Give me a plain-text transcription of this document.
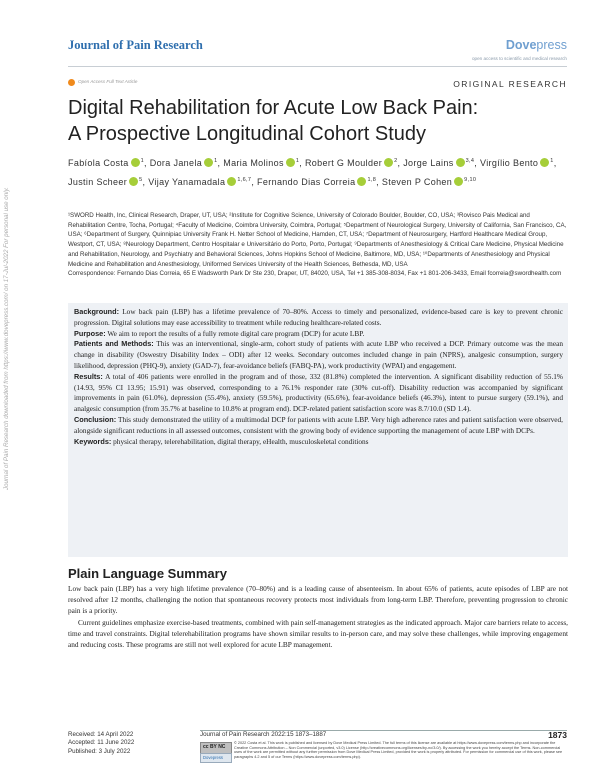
Journal of Pain Research	Dovepress
open access to scientific and medical research
Open Access Full Text Article	ORIGINAL RESEARCH
Digital Rehabilitation for Acute Low Back Pain:
A Prospective Longitudinal Cohort Study
Fabíola Costa $^1$, Dora Janela $^1$, Maria Molinos $^1$, Robert G Moulder $^2$, Jorge Lains $^{3,4}$, Virgílio Bento $^1$, Justin Scheer $^5$, Vijay Yanamadala $^{1,6,7}$, Fernando Dias Correia $^{1,8}$, Steven P Cohen $^{9,10}$
¹SWORD Health, Inc, Clinical Research, Draper, UT, USA; ²Institute for Cognitive Science, University of Colorado Boulder, Boulder, CO, USA; ³Rovisco Pais Medical and Rehabilitation Centre, Tocha, Portugal; ⁴Faculty of Medicine, Coimbra University, Coimbra, Portugal; ⁵Department of Neurological Surgery, University of California, San Francisco, CA, USA; ⁶Department of Surgery, Quinnipiac University Frank H. Netter School of Medicine, Hamden, CT, USA; ⁷Department of Neurosurgery, Hartford Healthcare Medical Group, Westport, CT, USA; ⁸Neurology Department, Centro Hospitalar e Universitário do Porto, Porto, Portugal; ⁹Departments of Anesthesiology & Critical Care Medicine, Physical Medicine and Rehabilitation, Neurology, and Psychiatry and Behavioral Sciences, Johns Hopkins School of Medicine, Baltimore, MD, USA; ¹⁰Departments of Anesthesiology and Physical Medicine and Rehabilitation and Anesthesiology, Uniformed Services University of the Health Sciences, Bethesda, MD, USA
Correspondence: Fernando Dias Correia, 65 E Wadsworth Park Dr Ste 230, Draper, UT, 84020, USA, Tel +1 385-308-8034, Fax +1 801-206-3433, Email fcorreia@swordhealth.com

Background: Low back pain (LBP) has a lifetime prevalence of 70–80%. Access to timely and personalized, evidence-based care is key to prevent chronic progression. Digital solutions may ease accessibility to treatment while reducing healthcare-related costs.

Purpose: We aim to report the results of a fully remote digital care program (DCP) for acute LBP.

Patients and Methods: This was an interventional, single-arm, cohort study of patients with acute LBP who received a DCP. Primary outcome was the mean change in disability (Oswestry Disability Index – ODI) after 12 weeks. Secondary outcomes included change in pain (NPRS), analgesic consumption, surgery likelihood, depression (PHQ-9), anxiety (GAD-7), fear-avoidance beliefs (FABQ-PA), work productivity (WPAI) and engagement.

Results: A total of 406 patients were enrolled in the program and of those, 332 (81.8%) completed the intervention. A significant disability reduction of 55.1% (14.93, 95% CI 13.95; 15.91) was observed, corresponding to a 76.1% responder rate (30% cut-off). Disability reduction was accompanied by significant improvements in pain (61.0%), depression (55.4%), anxiety (59.5%), productivity (65.6%), fear-avoidance beliefs (46.3%), intent to pursue surgery (59.1%), and analgesic consumption (from 35.7% at baseline to 10.8% at program end). DCP-related patient satisfaction score was 8.7/10.0 (SD 1.4).

Conclusion: This study demonstrated the utility of a multimodal DCP for patients with acute LBP. Very high adherence rates and patient satisfaction were observed, alongside significant reductions in all assessed outcomes, consistent with the growing body of evidence supporting the management of acute LBP with DCPs.

Keywords: physical therapy, telerehabilitation, digital therapy, eHealth, musculoskeletal conditions

Plain Language Summary

Low back pain (LBP) has a very high lifetime prevalence (70–80%) and is a leading cause of absenteeism. In about 65% of patients, acute episodes of LBP are not resolved after 12 months, challenging the notion that spontaneous recovery protects most individuals from long-term LBP. Therefore, preventing progression to chronic pain is a priority.

Current guidelines emphasize exercise-based treatments, combined with pain self-management strategies as the indicated approach. Major care barriers relate to access, time and travel constraints. Digital telerehabilitation programs have shown similar results to in-person care, and may solve these challenges, while improving engagement and reducing costs. These programs are still not well explored for acute LBP management.

Journal of Pain Research downloaded from https://www.dovepress.com/ on 17-Jul-2022 For personal use only.
Received: 14 April 2022
Accepted: 11 June 2022
Published: 3 July 2022
Journal of Pain Research 2022:15 1873–1887	1873
cc BY NC
Dovepress
© 2022 Costa et al. This work is published and licensed by Dove Medical Press Limited. The full terms of this license are available at https://www.dovepress.com/terms.php and incorporate the Creative Commons Attribution – Non Commercial (unported, v3.0) License (http://creativecommons.org/licenses/by-nc/3.0/). By accessing the work you hereby accept the Terms. Non-commercial uses of the work are permitted without any further permission from Dove Medical Press Limited, provided the work is properly attributed. For permission for commercial use of this work, please see paragraphs 4.2 and 5 of our Terms (https://www.dovepress.com/terms.php).
